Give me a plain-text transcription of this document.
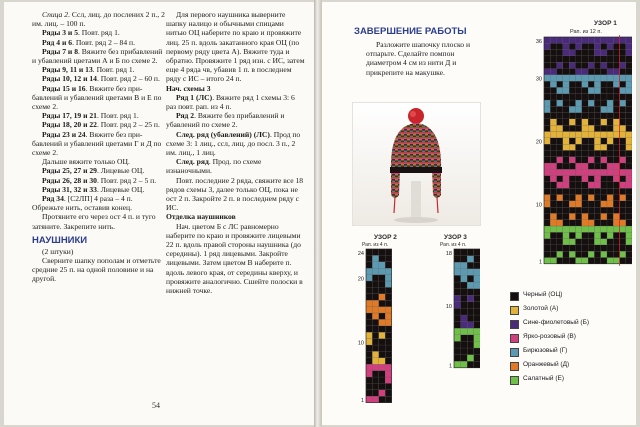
Спица 2. Ссл, лиц. до послених 2 п., 2 им. лиц. – 100 п.

Ряды 3 и 5. Повт. ряд 1.

Ряд 4 и 6. Повт. ряд 2 – 84 п.

Ряды 7 и 8. Вяжите без прибавлений и убавлений цветами А и Б по схеме 2.

Ряды 9, 11 и 13. Повт. ряд 1.

Ряды 10, 12 и 14. Повт. ряд 2 – 60 п.

Ряды 15 и 16. Вяжите без прибавлений и убавлений цветами В и Е по схеме 2.

Ряды 17, 19 и 21. Повт. ряд 1.

Ряды 18, 20 и 22. Повт. ряд 2 – 25 п.

Ряды 23 и 24. Вяжите без прибавлений и убавлений цветами Г и Д по схеме 2.

Дальше вяжите только ОЦ.

Ряды 25, 27 и 29. Лицевые ОЦ.

Ряды 26, 28 и 30. Повт. ряд 2 – 5 п.

Ряды 31, 32 и 33. Лицевые ОЦ.

Ряд 34. [С2ЛП] 4 раза – 4 п. Обрежьте нить, оставив конец.

Протяните его через ост 4 п. и туго затяните. Закрепите нить.

НАУШНИКИ

(2 штуки)

Сверните шапку пополам и отметьте средние 25 п. на одной половине и на другой.

Для первого наушника выверните шапку налицо и обычными спицами нитью ОЦ наберите по краю и провяжите лиц. 25 п. вдоль закатанного края ОЦ (по первому ряду цвета А). Вяжите туда и обратно. Провяжите 1 ряд изн. с ИС, затем еще 4 ряда чв, убавив 1 п. в последнем ряду с ИС – итого 24 п.

Нач. схемы 3

Ряд 1 (ЛС). Вяжите ряд 1 схемы 3: 6 раз повт. рап. из 4 п.

Ряд 2. Вяжите без прибавлений и убавлений по схеме 2.

След. ряд (убавлений) (ЛС). Прод по схеме 3: 1 лиц., ссл, лиц. до посл. 3 п., 2 им. лиц., 1 лиц.

След. ряд. Прод. по схеме изнаночными.

Повт. последние 2 ряда, свяжите все 18 рядов схемы 3, далее только ОЦ, пока не ост 2 п. Закройте 2 п. в последнем ряду с ИС.

Отделка наушников

Нач. цветом Б с ЛС равномерно наберите по краю и провяжите лицевыми 22 п. вдоль правой стороны наушника (до середины). 1 ряд лицевыми. Закройте лицевыми. Затем цветом В наберите п. вдоль левого края, от середины кверху, и провяжите аналогично. Сшейте полоски в нижней точке.

54
ЗАВЕРШЕНИЕ РАБОТЫ
Разложите шапочку плоско и отпарьте. Сделайте помпон диаметром 4 см из нити Д и прикрепите на макушке.
УЗОР 1
Рап. из 12 п.
36
30
20
10
1
УЗОР 2
Рап. из 4 п.
24
20
10
1
УЗОР 3
Рап. из 4 п.
18
10
1
Черный (ОЦ)
Золотой (А)
Сине-фиолетовый (Б)
Ярко-розовый (В)
Бирюзовый (Г)
Оранжевый (Д)
Салатный (Е)
